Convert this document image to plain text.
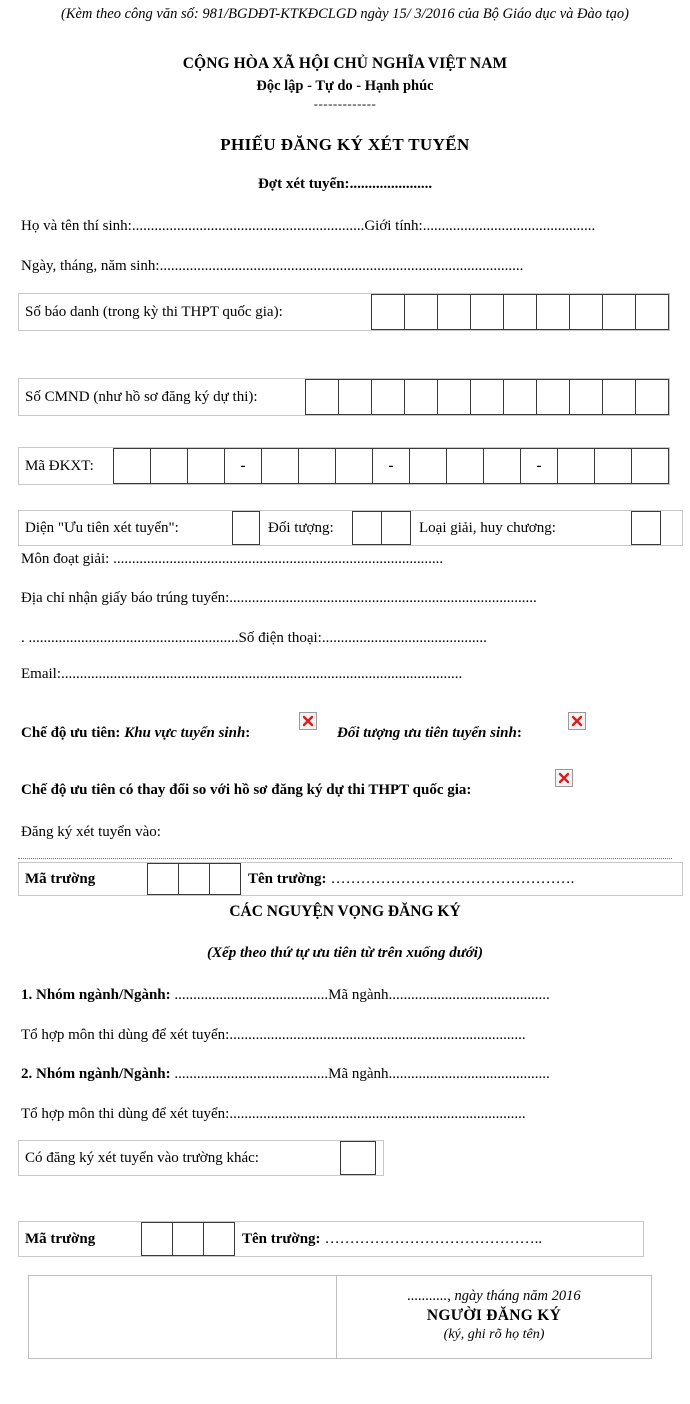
(Kèm theo công văn số: 981/BGDĐT-KTKĐCLGD ngày 15/ 3/2016 của Bộ Giáo dục và Đào tạo)
CỘNG HÒA XÃ HỘI CHỦ NGHĨA VIỆT NAM
Độc lập - Tự do - Hạnh phúc
-------------
PHIẾU ĐĂNG KÝ XÉT TUYỂN
Đợt xét tuyển:......................
Họ và tên thí sinh:..............................................................Giới tính:..............................................
Ngày, tháng, năm sinh:.................................................................................................
Số báo danh (trong kỳ thi THPT quốc gia):
Số CMND (như hồ sơ đăng ký dự thi):
Mã ĐKXT:	-	-	-
Diện "Ưu tiên xét tuyển":	Đối tượng:	Loại giải, huy chương:
Môn đoạt giải: ........................................................................................
Địa chỉ nhận giấy báo trúng tuyển:..................................................................................
. ........................................................Số điện thoại:............................................
Email:...........................................................................................................
Chế độ ưu tiên: Khu vực tuyển sinh:	Đối tượng ưu tiên tuyển sinh:
Chế độ ưu tiên có thay đổi so với hồ sơ đăng ký dự thi THPT quốc gia:
Đăng ký xét tuyển vào:
Mã trường	Tên trường: ………………………………………….
CÁC NGUYỆN VỌNG ĐĂNG KÝ
(Xếp theo thứ tự ưu tiên từ trên xuống dưới)
1. Nhóm ngành/Ngành: .........................................Mã ngành...........................................
Tổ hợp môn thi dùng để xét tuyển:...............................................................................
2. Nhóm ngành/Ngành: .........................................Mã ngành...........................................
Tổ hợp môn thi dùng để xét tuyển:...............................................................................
Có đăng ký xét tuyển vào trường khác:
Mã trường	Tên trường: ……………………………………..
..........., ngày tháng năm 2016
NGƯỜI ĐĂNG KÝ
(ký, ghi rõ họ tên)
